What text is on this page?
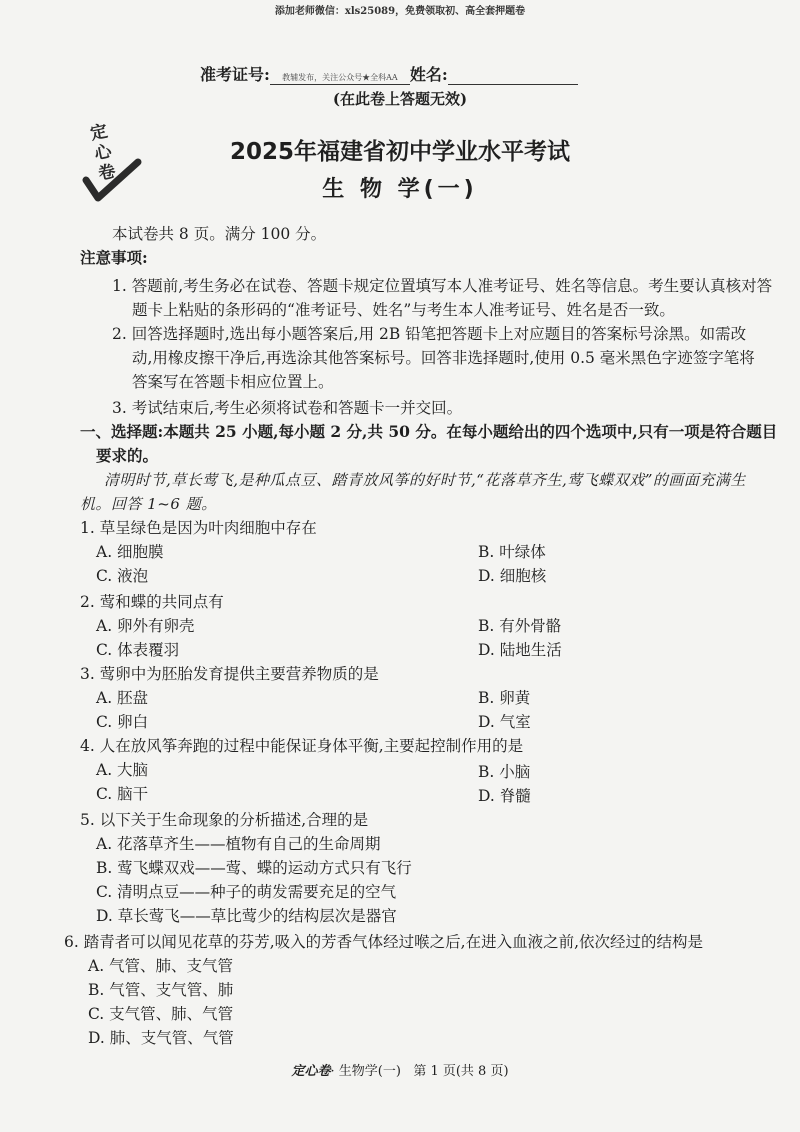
添加老师微信：xls25089，免费领取初、高全套押题卷
准考证号: 教辅发布，关注公众号★全科AA 姓名:
(在此卷上答题无效)
定
心
卷
2025年福建省初中学业水平考试
生 物 学(一)
本试卷共 8 页。满分 100 分。
注意事项:
1. 答题前,考生务必在试卷、答题卡规定位置填写本人准考证号、姓名等信息。考生要认真核对答
题卡上粘贴的条形码的“准考证号、姓名”与考生本人准考证号、姓名是否一致。
2. 回答选择题时,选出每小题答案后,用 2B 铅笔把答题卡上对应题目的答案标号涂黑。如需改
动,用橡皮擦干净后,再选涂其他答案标号。回答非选择题时,使用 0.5 毫米黑色字迹签字笔将
答案写在答题卡相应位置上。
3. 考试结束后,考生必须将试卷和答题卡一并交回。
一、选择题:本题共 25 小题,每小题 2 分,共 50 分。在每小题给出的四个选项中,只有一项是符合题目
要求的。
清明时节,草长莺飞,是种瓜点豆、踏青放风筝的好时节,“花落草齐生,莺飞蝶双戏”的画面充满生
机。回答 1~6 题。
1. 草呈绿色是因为叶肉细胞中存在
A. 细胞膜	B. 叶绿体
C. 液泡	D. 细胞核
2. 莺和蝶的共同点有
A. 卵外有卵壳	B. 有外骨骼
C. 体表覆羽	D. 陆地生活
3. 莺卵中为胚胎发育提供主要营养物质的是
A. 胚盘	B. 卵黄
C. 卵白	D. 气室
4. 人在放风筝奔跑的过程中能保证身体平衡,主要起控制作用的是
A. 大脑	B. 小脑
C. 脑干	D. 脊髓
5. 以下关于生命现象的分析描述,合理的是
A. 花落草齐生——植物有自己的生命周期
B. 莺飞蝶双戏——莺、蝶的运动方式只有飞行
C. 清明点豆——种子的萌发需要充足的空气
D. 草长莺飞——草比莺少的结构层次是器官
6. 踏青者可以闻见花草的芬芳,吸入的芳香气体经过喉之后,在进入血液之前,依次经过的结构是
A. 气管、肺、支气管
B. 气管、支气管、肺
C. 支气管、肺、气管
D. 肺、支气管、气管
定心卷· 生物学(一) 第 1 页(共 8 页)
